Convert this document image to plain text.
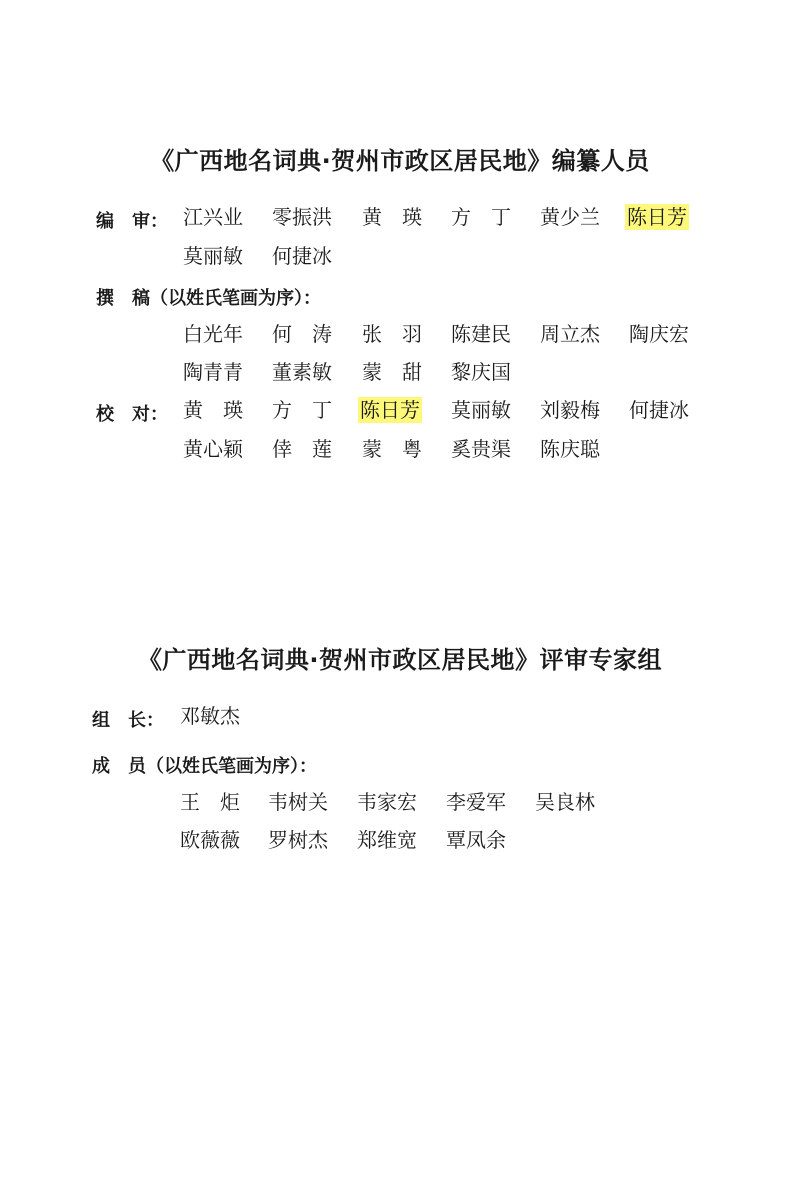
《广西地名词典·贺州市政区居民地》编纂人员
编　审： 江兴业 零振洪 黄　瑛 方　丁 黄少兰 陈日芳
莫丽敏 何捷冰
撰　稿（以姓氏笔画为序）：
白光年 何　涛 张　羽 陈建民 周立杰 陶庆宏
陶青青 董素敏 蒙　甜 黎庆国
校　对： 黄　瑛 方　丁 陈日芳 莫丽敏 刘毅梅 何捷冰
黄心颖 倖　莲 蒙　粤 奚贵渠 陈庆聪
《广西地名词典·贺州市政区居民地》评审专家组
组　长： 邓敏杰
成　员（以姓氏笔画为序）：
王　炬 韦树关 韦家宏 李爱军 吴良林
欧薇薇 罗树杰 郑维宽 覃凤余
